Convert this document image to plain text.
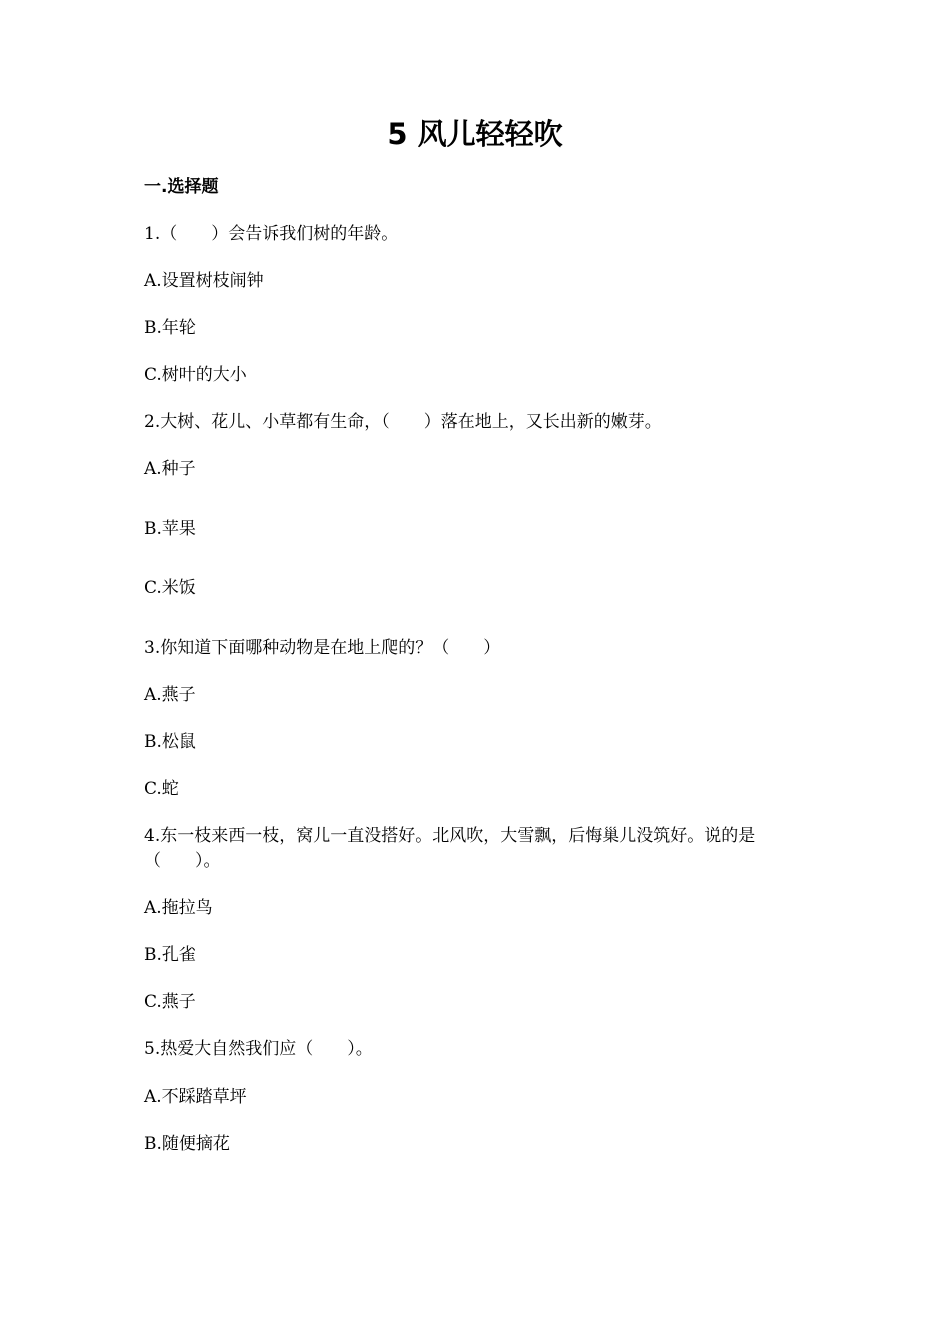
5 风儿轻轻吹
一.选择题
1.（　　）会告诉我们树的年龄。
A.设置树枝闹钟
B.年轮
C.树叶的大小
2.大树、花儿、小草都有生命，（　　）落在地上，又长出新的嫩芽。
A.种子
B.苹果
C.米饭
3.你知道下面哪种动物是在地上爬的？（　　）
A.燕子
B.松鼠
C.蛇
4.东一枝来西一枝，窝儿一直没搭好。北风吹，大雪飘，后悔巢儿没筑好。说的是（　　）。
A.拖拉鸟
B.孔雀
C.燕子
5.热爱大自然我们应（　　）。
A.不踩踏草坪
B.随便摘花
